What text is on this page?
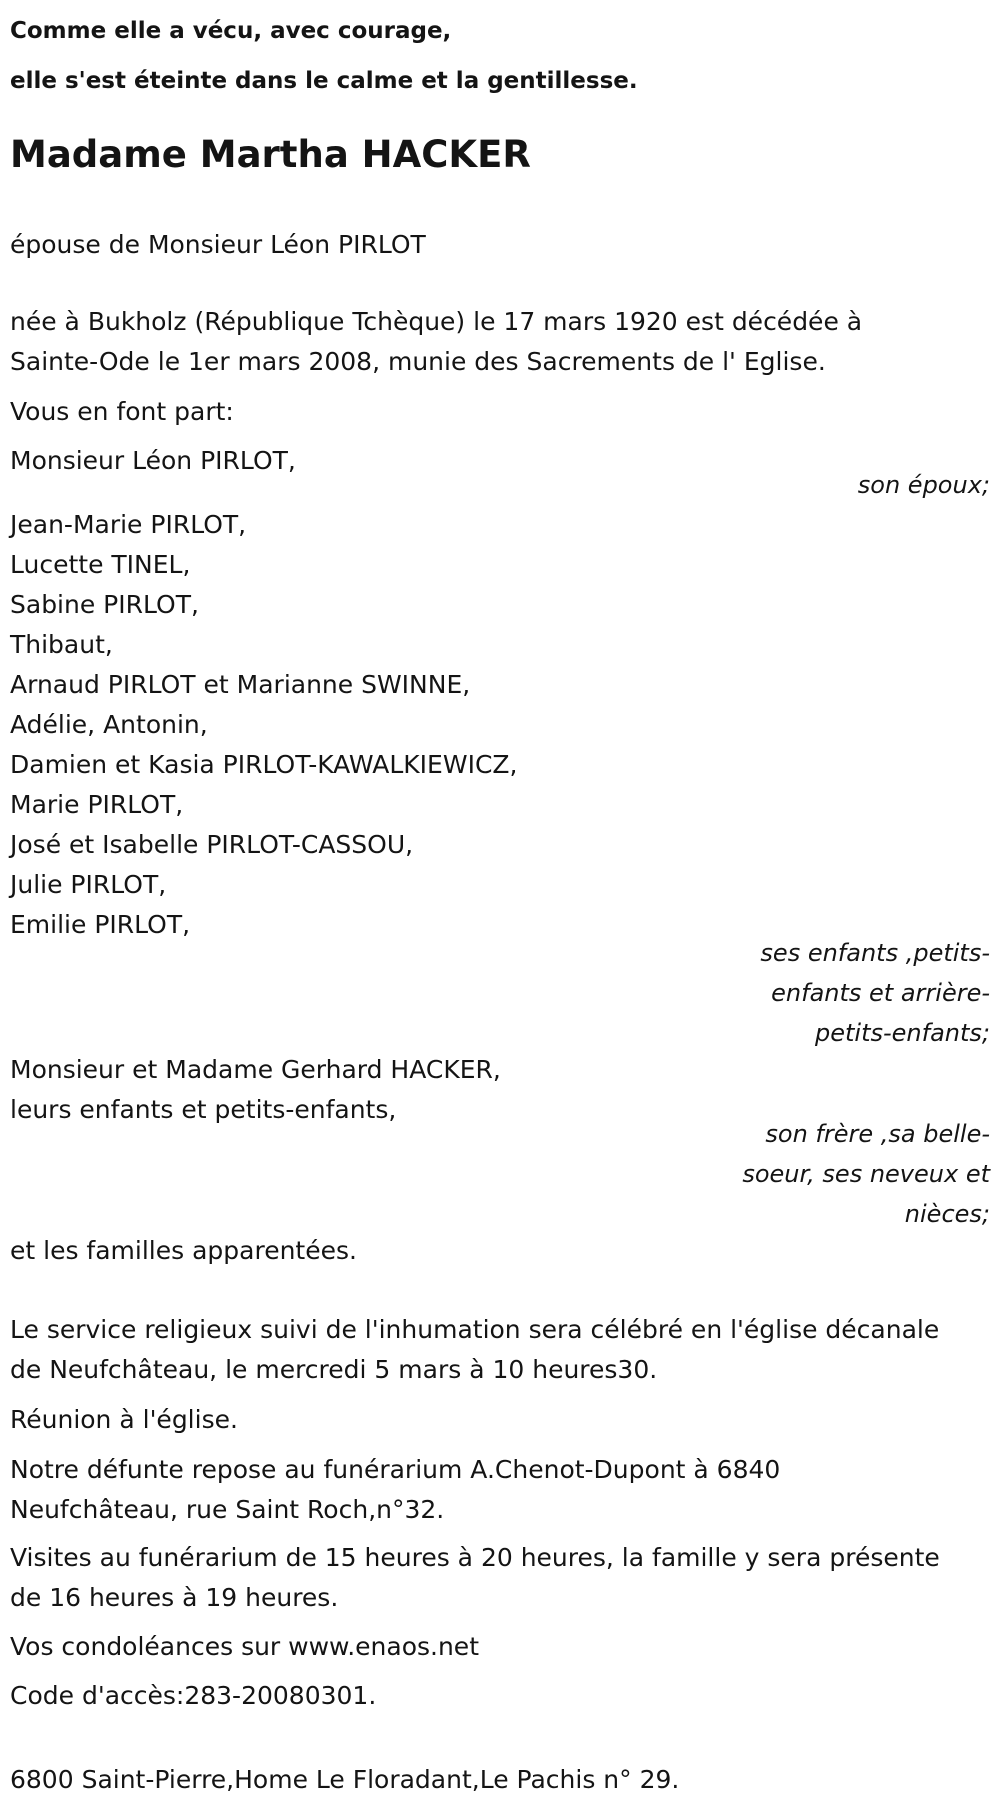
Comme elle a vécu, avec courage,
elle s'est éteinte dans le calme et la gentillesse.
Madame Martha HACKER
épouse de Monsieur Léon PIRLOT
née à Bukholz (République Tchèque) le 17 mars 1920 est décédée à
Sainte-Ode le 1er mars 2008, munie des Sacrements de l' Eglise.
Vous en font part:
Monsieur Léon PIRLOT,
son époux;
Jean-Marie PIRLOT,
Lucette TINEL,
Sabine PIRLOT,
Thibaut,
Arnaud PIRLOT et Marianne SWINNE,
Adélie, Antonin,
Damien et Kasia PIRLOT-KAWALKIEWICZ,
Marie PIRLOT,
José et Isabelle PIRLOT-CASSOU,
Julie PIRLOT,
Emilie PIRLOT,
ses enfants ,petits-
enfants et arrière-
petits-enfants;
Monsieur et Madame Gerhard HACKER,
leurs enfants et petits-enfants,
son frère ,sa belle-
soeur, ses neveux et
nièces;
et les familles apparentées.
Le service religieux suivi de l'inhumation sera célébré en l'église décanale
de Neufchâteau, le mercredi 5 mars à 10 heures30.
Réunion à l'église.
Notre défunte repose au funérarium A.Chenot-Dupont à 6840
Neufchâteau, rue Saint Roch,n°32.
Visites au funérarium de 15 heures à 20 heures, la famille y sera présente
de 16 heures à 19 heures.
Vos condoléances sur www.enaos.net
Code d'accès:283-20080301.
6800 Saint-Pierre,Home Le Floradant,Le Pachis n° 29.
